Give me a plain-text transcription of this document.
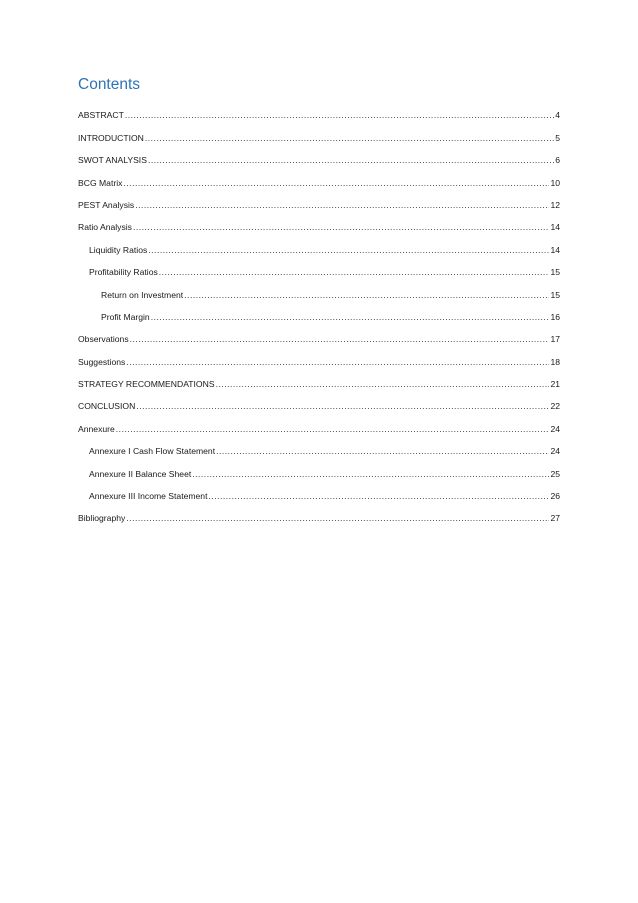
Contents
ABSTRACT .....	4
INTRODUCTION .....	5
SWOT ANALYSIS .....	6
BCG Matrix .....	10
PEST Analysis .....	12
Ratio Analysis .....	14
Liquidity Ratios .....	14
Profitability Ratios .....	15
Return on Investment .....	15
Profit Margin .....	16
Observations .....	17
Suggestions .....	18
STRATEGY RECOMMENDATIONS .....	21
CONCLUSION .....	22
Annexure .....	24
Annexure I Cash Flow Statement .....	24
Annexure II Balance Sheet .....	25
Annexure III Income Statement .....	26
Bibliography .....	27
